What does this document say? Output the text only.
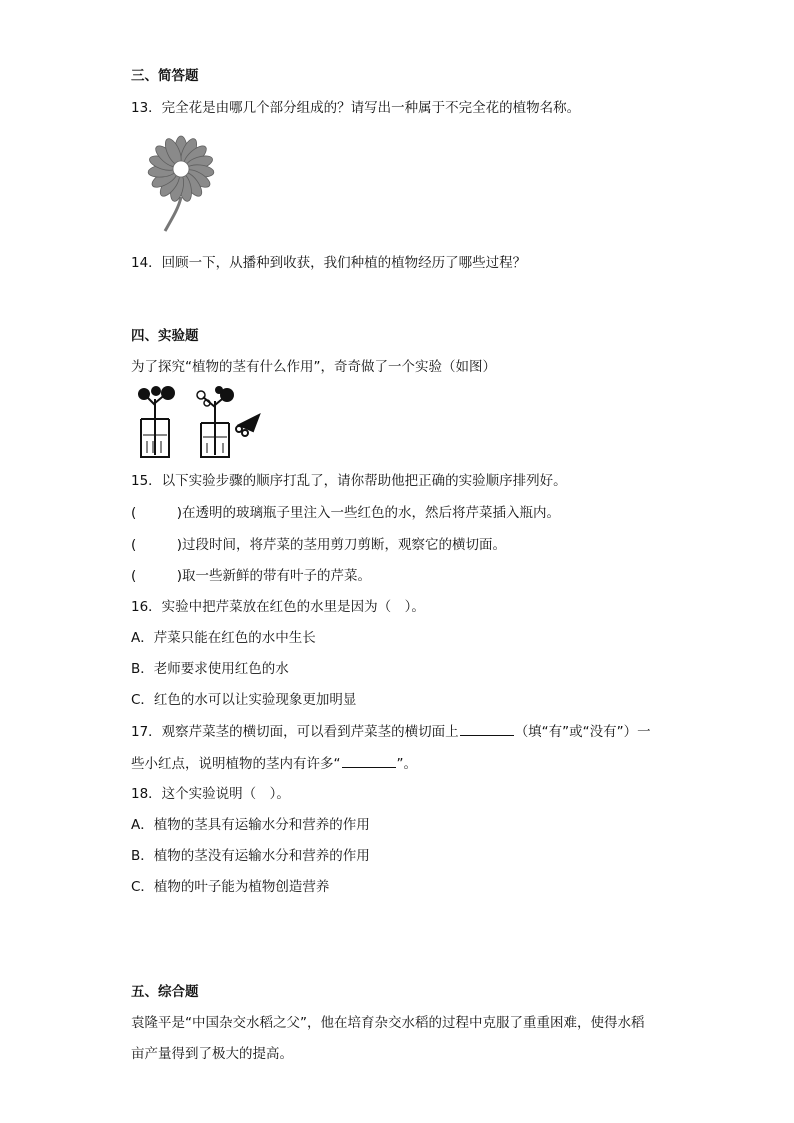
三、简答题
13．完全花是由哪几个部分组成的？请写出一种属于不完全花的植物名称。
14．回顾一下，从播种到收获，我们种植的植物经历了哪些过程？
四、实验题
为了探究“植物的茎有什么作用”，奇奇做了一个实验（如图）
15．以下实验步骤的顺序打乱了，请你帮助他把正确的实验顺序排列好。
(　　　)在透明的玻璃瓶子里注入一些红色的水，然后将芹菜插入瓶内。
(　　　)过段时间，将芹菜的茎用剪刀剪断，观察它的横切面。
(　　　)取一些新鲜的带有叶子的芹菜。
16．实验中把芹菜放在红色的水里是因为（　）。
A．芹菜只能在红色的水中生长
B．老师要求使用红色的水
C．红色的水可以让实验现象更加明显
17．观察芹菜茎的横切面，可以看到芹菜茎的横切面上	（填“有”或“没有”）一
些小红点，说明植物的茎内有许多“	”。
18．这个实验说明（　）。
A．植物的茎具有运输水分和营养的作用
B．植物的茎没有运输水分和营养的作用
C．植物的叶子能为植物创造营养
五、综合题
袁隆平是“中国杂交水稻之父”，他在培育杂交水稻的过程中克服了重重困难，使得水稻
亩产量得到了极大的提高。
